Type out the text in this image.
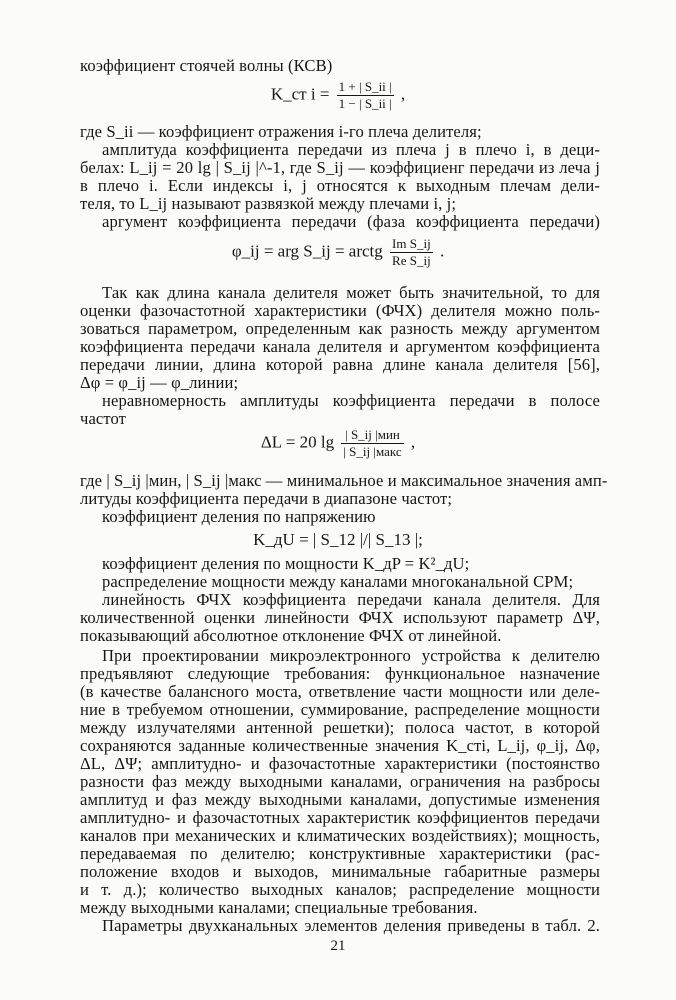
коэффициент стоячей волны (КСВ)
K_ст $i = \frac{1 + | S\_ii |}{1 - | S\_ii |}$ ,
где S_ii — коэффициент отражения i-го плеча делителя;
амплитуда коэффициента передачи из плеча j в плечо i, в деци-
белах: L_ij = 20 lg | S_ij |^-1, где S_ij — коэффициенг передачи из леча j
в плечо i. Если индексы i, j относятся к выходным плечам дели-
теля, то L_ij называют развязкой между плечами i, j;
аргумент коэффициента передачи (фаза коэффициента передачи)
φ_ij = arg S_ij = arctg $\frac{\text{Im S\_ij}}{\text{Re S\_ij}}$ .
Так как длина канала делителя может быть значительной, то для
оценки фазочастотной характеристики (ФЧХ) делителя можно поль-
зоваться параметром, определенным как разность между аргументом
коэффициента передачи канала делителя и аргументом коэффициента
передачи линии, длина которой равна длине канала делителя [56],
Δφ = φ_ij — φ_линии;
неравномерность амплитуды коэффициента передачи в полосе
частот
ΔL = 20 $\lg \frac{\text{| S\_ij |мин}}{\text{| S\_ij |макс}}$ ,
где | S_ij |мин, | S_ij |макс — минимальное и максимальное значения амп-
литуды коэффициента передачи в диапазоне частот;
коэффициент деления по напряжению
K_дU = | S_12 |/| S_13 |;
коэффициент деления по мощности K_дP = K²_дU;
распределение мощности между каналами многоканальной СРМ;
линейность ФЧХ коэффициента передачи канала делителя. Для
количественной оценки линейности ФЧХ используют параметр ΔΨ,
показывающий абсолютное отклонение ФЧХ от линейной.
При проектировании микроэлектронного устройства к делителю
предъявляют следующие требования: функциональное назначение
(в качестве балансного моста, ответвление части мощности или деле-
ние в требуемом отношении, суммирование, распределение мощности
между излучателями антенной решетки); полоса частот, в которой
сохраняются заданные количественные значения K_стi, L_ij, φ_ij, Δφ,
ΔL, ΔΨ; амплитудно- и фазочастотные характеристики (постоянство
разности фаз между выходными каналами, ограничения на разбросы
амплитуд и фаз между выходными каналами, допустимые изменения
амплитудно- и фазочастотных характеристик коэффициентов передачи
каналов при механических и климатических воздействиях); мощность,
передаваемая по делителю; конструктивные характеристики (рас-
положение входов и выходов, минимальные габаритные размеры
и т. д.); количество выходных каналов; распределение мощности
между выходными каналами; специальные требования.
Параметры двухканальных элементов деления приведены в табл. 2.
21
